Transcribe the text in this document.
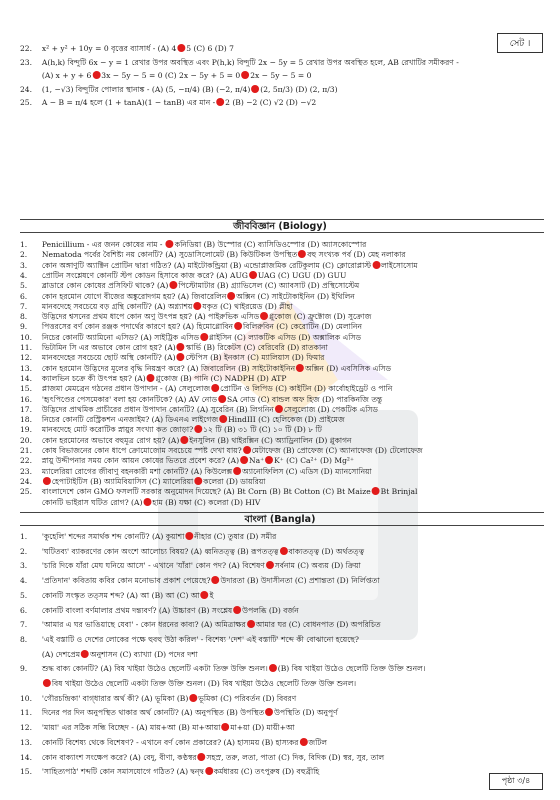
সেট ।
জীববিজ্ঞান (Biology)
বাংলা (Bangla)
22. x² + y² + 10y = 0 বৃত্তের ব্যাসার্ধ - (A) 4 5 (C) 6 (D) 7
23. A(h,k) বিন্দুটি 6x − y = 1 রেখার উপর অবস্থিত এবং P(h,k) বিন্দুটি 2x − 5y = 5 রেখার উপর অবস্থিত হলে, AB রেখাটির সমীকরণ -
(A) x + y + 6 3x − 5y − 5 = 0 (C) 2x − 5y + 5 = 0 2x − 5y − 5 = 0
24. (1, −√3) বিন্দুটির পোলার স্থানাঙ্ক - (A) (5, −π/4) (B) (−2, π/4) (2, 5π/3) (D) (2, π/3)
25. A − B = π/4 হলে (1 + tanA)(1 − tanB) এর মান - 2 (B) −2 (C) √2 (D) −√2
1. Penicillium - এর জনন কোষের নাম - কনিডিয়া (B) উস্পোর (C) ব্যাসিডিওস্পোর (D) অ্যাসকোস্পোর
2. Nematoda পর্বের বৈশিষ্ট্য নয় কোনটি? (A) সুডোসিলোমেট (B) কিউটিকল উপস্থিত বহু সংখ্যক পর্ব (D) মেহ নলাকার
3. কোন অঙ্গাণুটি অ্যাক্টিন প্রোটিন দ্বারা গঠিত? (A) মাইটোকন্ড্রিয়া (B) এন্ডোপ্লাজমিক রেটিকুলাম (C) ক্লোরোপ্লাস্ট লাইসোসোম
4. প্রোটিন সংশ্লেষণে কোনটি স্টপ কোডন হিসাবে কাজ করে? (A) AUG UAG (C) UGU (D) GUU
5. ব্লাডারে কোন কোষের প্রসিফিট থাকে? (A) পিস্টোমাটার (B) গ্র্যাভিসেল (C) অ্যাবসাট (D) প্রস্থিসোস্টেম
6. কোন হরমোন যোগে বীজের অঙ্কুরোদগম হয়? (A) জিবারেলিন অক্সিন (C) সাইটোকাইনিন (D) ইথিলিন
7. মানবদেহে সবচেয়ে বড় গ্রন্থি কোনটি? (A) অগ্ন্যাশয় যকৃত (C) থাইরয়েড (D) প্লীহা
8. উদ্ভিদের শ্বসনের প্রথম ধাপে কোন অণু উৎপন্ন হয়? (A) পাইরুভিক এসিড গ্লুকোজ (C) ফ্রুক্টোজ (D) সুক্রোজ
9. পিত্তরসের বর্ণ কোন রঞ্জক পদার্থের কারণে হয়? (A) হিমোগ্লোবিন বিলিরুবিন (C) কেরোটিন (D) মেলানিন
10. নিচের কোনটি অ্যামিনো এসিড? (A) সাইট্রিক এসিড গ্লাইসিন (C) ল্যাকটিক এসিড (D) অক্সালিক এসিড
11. ভিটামিন সি এর অভাবে কোন রোগ হয়? (A) স্কার্ভি (B) রিকেটস (C) বেরিবেরি (D) রাতকানা
12. মানবদেহের সবচেয়ে ছোট অস্থি কোনটি? (A) স্টেপিস (B) ইনকাস (C) ম্যালিয়াস (D) ফিমার
13. কোন হরমোন উদ্ভিদের মূলের বৃদ্ধি নিয়ন্ত্রণ করে? (A) জিবারেলিন (B) সাইটোকাইনিন অক্সিন (D) এবসিসিক এসিড
14. ক্যালভিন চক্রে কী উৎপন্ন হয়? (A) গ্লুকোজ (B) পানি (C) NADPH (D) ATP
15. প্লাজমা মেমব্রেন গঠনের প্রধান উপাদান - (A) সেলুলোজ প্রোটিন ও লিপিড (C) কাইটিন (D) কার্বোহাইড্রেট ও পানি
16. 'হৃৎপিণ্ডের পেসমেকার' বলা হয় কোনটিকে? (A) AV নোড SA নোড (C) বান্ডল অফ হিজ (D) পারকিনজি তন্তু
17. উদ্ভিদের প্রাথমিক প্রাচীরের প্রধান উপাদান কোনটি? (A) সুবেরিন (B) লিগনিন সেলুলোজ (D) পেকটিক এসিড
18. নিচের কোনটি রেস্ট্রিকশন এনজাইম? (A) ডিএনএ লাইগেজ HindIII (C) হেলিকেজ (D) প্রাইমেজ
19. মানবদেহে মোট করোটিক স্নায়ুর সংখ্যা কত জোড়া? ১২ টি (B) ৩১ টি (C) ১০ টি (D) ৮ টি
20. কোন হরমোনের অভাবে বহুমূত্র রোগ হয়? (A) ইনসুলিন (B) থাইরক্সিন (C) অ্যাড্রিনালিন (D) গ্লুকাগন
21. কোষ বিভাজনের কোন ধাপে ক্রোমোজোম সবচেয়ে স্পষ্ট দেখা যায়? মেটাফেজ (B) প্রোফেজ (C) অ্যানাফেজ (D) টেলোফেজ
22. স্নায়ু উদ্দীপনার সময় কোন আয়ন কোষের ভিতরে প্রবেশ করে? (A) Na⁺ K⁺ (C) Ca²⁺ (D) Mg²⁺
23. ম্যালেরিয়া রোগের জীবাণু বহনকারী মশা কোনটি? (A) কিউলেক্স অ্যানোফিলিস (C) এডিস (D) ম্যানসোনিয়া
24.	হেপাটাইটিস (B) অ্যামিবিয়াসিস (C) ম্যালেরিয়া কলেরা (D) ডায়রিয়া
25. বাংলাদেশে কোন GMO ফসলটি সরকার অনুমোদন দিয়েছে? (A) Bt Corn (B) Bt Cotton (C) Bt Maize Bt Brinjal
কোনটি ভাইরাস ঘটিত রোগ? (A) হাম (B) যক্ষা (C) কলেরা (D) HIV
1. 'কুহেলি' শব্দের সমার্থক শব্দ কোনটি? (A) কুয়াশা নীহার (C) তুষার (D) সমীর
2. 'ঘটিতব্য' ব্যাকরণের কোন অংশে আলোচ্য বিষয়? (A) ধ্বনিতত্ত্ব (B) রূপতত্ত্ব বাক্যতত্ত্ব (D) অর্থতত্ত্ব
3. 'চারি দিকে যাঁরা মেঘ ঘনিয়ে আসে' - এখানে 'যাঁরা' কোন পদ? (A) বিশেষণ সর্বনাম (C) অব্যয় (D) ক্রিয়া
4. 'প্রতিদান' কবিতায় কবির কোন মনোভাব প্রকাশ পেয়েছে? উদারতা (B) উদাসীনতা (C) প্রশান্ততা (D) নির্লিপ্ততা
5. কোনটি সংস্কৃত তত্সম শব্দ? (A) আ (B) আ (C) আ ই
6. কোনটি বাংলা বর্ণমালার প্রথম দন্ত্যবর্ণ? (A) উচ্চারণ (B) সংশ্লেষ উপলব্ধি (D) বর্জন
7. 'আমার এ ঘর ভাঙিয়াছে যেবা' - কোন ধরনের কাব্য? (A) অমিত্রাক্ষর আমার ঘর (C) বোধনপাত (D) অপরিচিত
8. 'এই বস্তাটি ও দেশের লোকের পক্ষে হুবহু উঠা করিল' - বিশেষ্য 'দেশ' এই বস্তাটি' শব্দে কী বোঝানো হয়েছে?
(A) দেশপ্রেম অনুশাসন (C) ব্যাখ্যা (D) পদের দশা
9. শুদ্ধ বাক্য কোনটি? (A) বিষ খাইয়া উঠেও ছেলেটি একটা তিক্ত উক্তি শুনল। (B) বিষ খাইয়া উঠেও ছেলেটি তিক্ত উক্তি শুনল।
বিষ খাইয়া উঠেও ছেলেটি একটা তিক্ত উক্তি শুনল। (D) বিষ খাইয়া উঠেও ছেলেটি তিক্ত উক্তি শুনল।
10. 'গৌরচন্দ্রিকা' বাগ্‌ধারার অর্থ কী? (A) ভূমিকা (B) ভূমিকা (C) পরিবর্তন (D) বিবরণ
11. দিনের পর দিন অনুপস্থিত থাকার অর্থ কোনটি? (A) অনুপস্থিত (B) উপস্থিত উপস্থিতি (D) অনুপূর্ণ
12. 'মায়া' এর সঠিক সন্ধি বিচ্ছেদ - (A) মায়+আ (B) মা+আয়া মা+য়া (D) মায়ী+আ
13. কোনটি বিশেষ্য থেকে বিশেষণ? - এখানে বর্ণ কোন প্রকারের? (A) হাস্যময় (B) হাস্যকর জটিল
14. কোন বাক্যাংশ সংক্ষেপ করে? (A) বেদু, বীণা, কণ্ঠস্বর সহস্র, তরু, লতা, পাতা (C) দিক, বিদিক (D) স্বর, সুর, তাল
15. 'সাহিত্যপাঠ' শব্দটি কোন সমাসযোগে গঠিত? (A) দ্বন্দ্ব কর্মধারয় (C) তৎপুরুষ (D) বহুব্রীহি
পৃষ্ঠা ৩/৪
